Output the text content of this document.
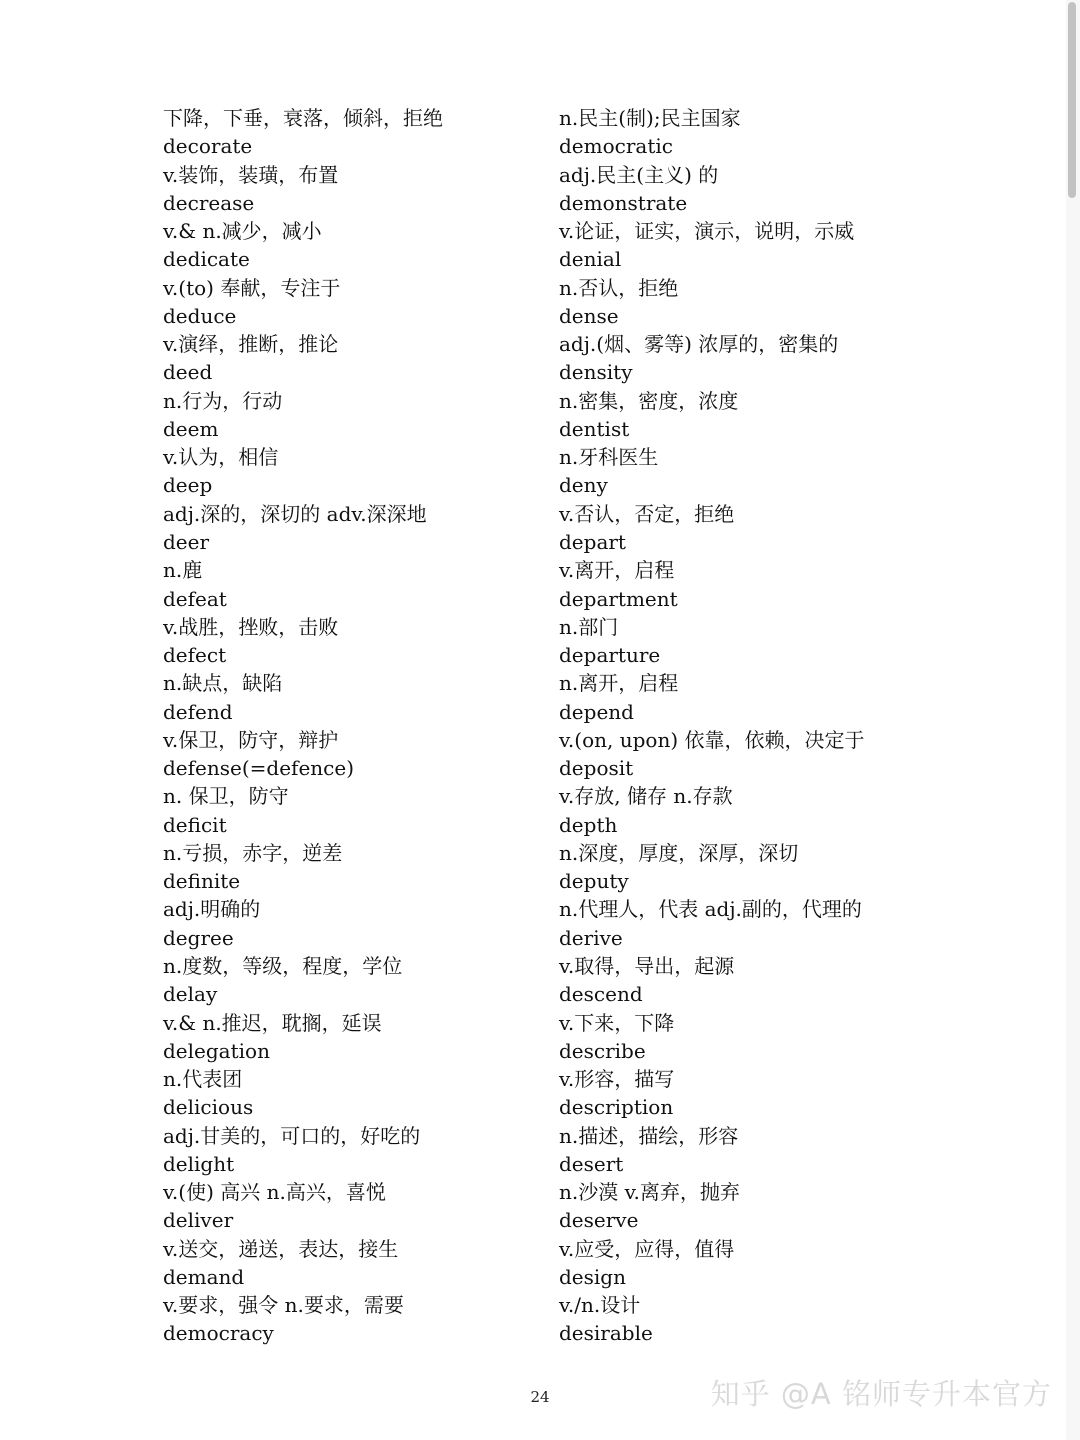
下降，下垂，衰落，倾斜，拒绝
decorate
v.装饰，装璜，布置
decrease
v.& n.减少，减小
dedicate
v.(to) 奉献，专注于
deduce
v.演绎，推断，推论
deed
n.行为，行动
deem
v.认为，相信
deep
adj.深的，深切的 adv.深深地
deer
n.鹿
defeat
v.战胜，挫败，击败
defect
n.缺点，缺陷
defend
v.保卫，防守，辩护
defense(=defence)
n. 保卫，防守
deficit
n.亏损，赤字，逆差
definite
adj.明确的
degree
n.度数，等级，程度，学位
delay
v.& n.推迟，耽搁，延误
delegation
n.代表团
delicious
adj.甘美的，可口的，好吃的
delight
v.(使) 高兴 n.高兴，喜悦
deliver
v.送交，递送，表达，接生
demand
v.要求，强令 n.要求，需要
democracy
n.民主(制);民主国家
democratic
adj.民主(主义) 的
demonstrate
v.论证，证实，演示，说明，示威
denial
n.否认，拒绝
dense
adj.(烟、雾等) 浓厚的，密集的
density
n.密集，密度，浓度
dentist
n.牙科医生
deny
v.否认，否定，拒绝
depart
v.离开，启程
department
n.部门
departure
n.离开，启程
depend
v.(on, upon) 依靠，依赖，决定于
deposit
v.存放, 储存 n.存款
depth
n.深度，厚度，深厚，深切
deputy
n.代理人，代表 adj.副的，代理的
derive
v.取得，导出，起源
descend
v.下来，下降
describe
v.形容，描写
description
n.描述，描绘，形容
desert
n.沙漠 v.离弃，抛弃
deserve
v.应受，应得，值得
design
v./n.设计
desirable
24	知乎 @A 铭师专升本官方
